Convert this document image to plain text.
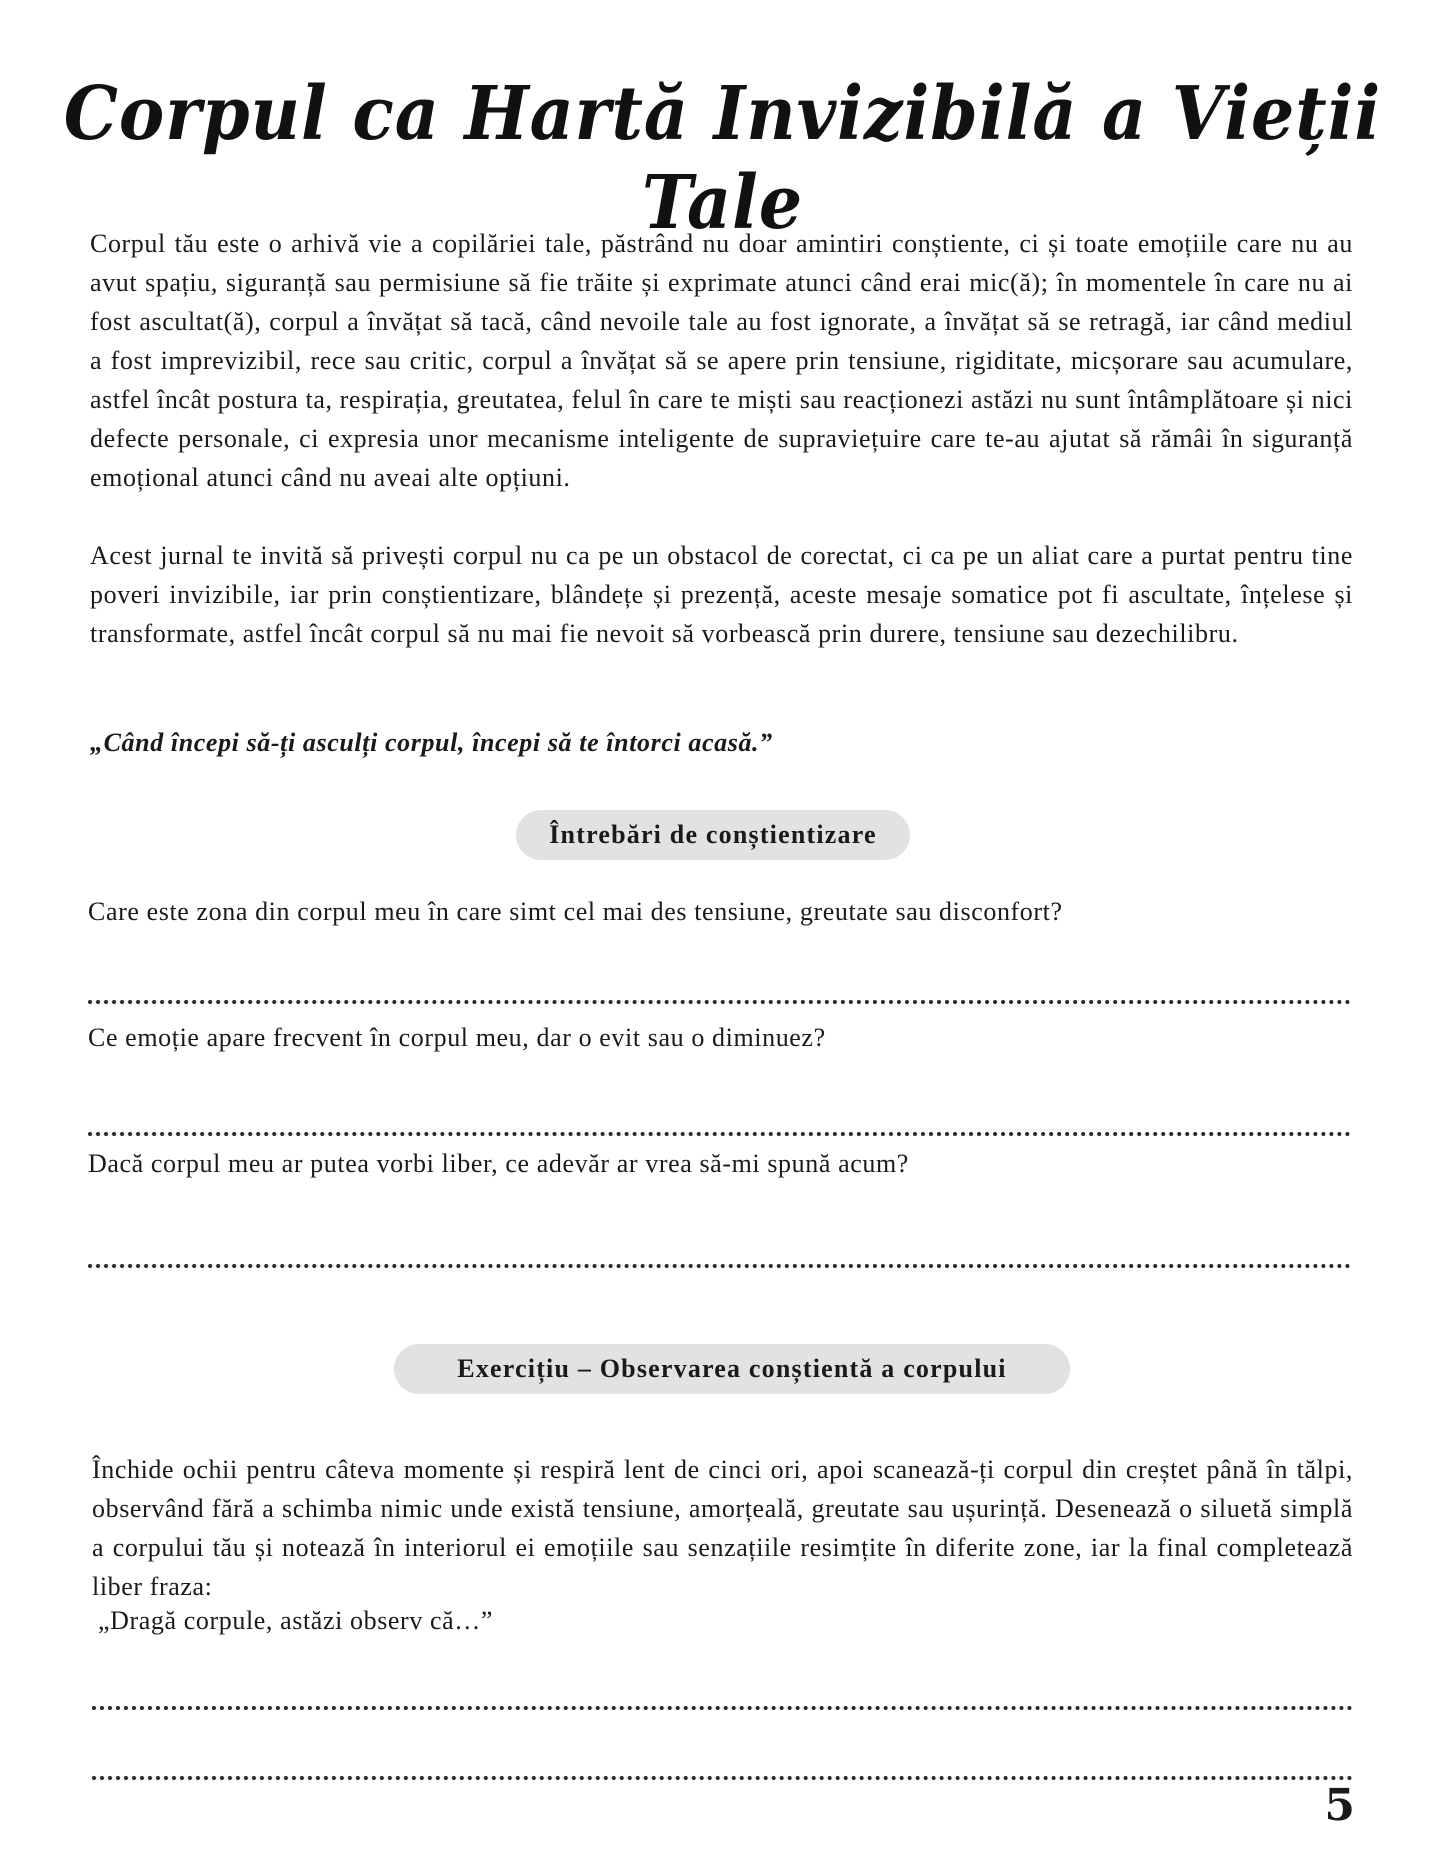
Corpul ca Hartă Invizibilă a Vieții Tale

Corpul tău este o arhivă vie a copilăriei tale, păstrând nu doar amintiri conștiente, ci și toate emoțiile care nu au avut spațiu, siguranță sau permisiune să fie trăite și exprimate atunci când erai mic(ă); în momentele în care nu ai fost ascultat(ă), corpul a învățat să tacă, când nevoile tale au fost ignorate, a învățat să se retragă, iar când mediul a fost imprevizibil, rece sau critic, corpul a învățat să se apere prin tensiune, rigiditate, micșorare sau acumulare, astfel încât postura ta, respirația, greutatea, felul în care te miști sau reacționezi astăzi nu sunt întâmplătoare și nici defecte personale, ci expresia unor mecanisme inteligente de supraviețuire care te-au ajutat să rămâi în siguranță emoțional atunci când nu aveai alte opțiuni.

Acest jurnal te invită să privești corpul nu ca pe un obstacol de corectat, ci ca pe un aliat care a purtat pentru tine poveri invizibile, iar prin conștientizare, blândețe și prezență, aceste mesaje somatice pot fi ascultate, înțelese și transformate, astfel încât corpul să nu mai fie nevoit să vorbească prin durere, tensiune sau dezechilibru.

„Când începi să-ți asculți corpul, începi să te întorci acasă.”
Întrebări de conștientizare
Care este zona din corpul meu în care simt cel mai des tensiune, greutate sau disconfort?
Ce emoție apare frecvent în corpul meu, dar o evit sau o diminuez?
Dacă corpul meu ar putea vorbi liber, ce adevăr ar vrea să-mi spună acum?
Exercițiu – Observarea conștientă a corpului

Închide ochii pentru câteva momente și respiră lent de cinci ori, apoi scanează-ți corpul din creștet până în tălpi, observând fără a schimba nimic unde există tensiune, amorțeală, greutate sau ușurință. Desenează o siluetă simplă a corpului tău și notează în interiorul ei emoțiile sau senzațiile resimțite în diferite zone, iar la final completează liber fraza:

„Dragă corpule, astăzi observ că…”
5
